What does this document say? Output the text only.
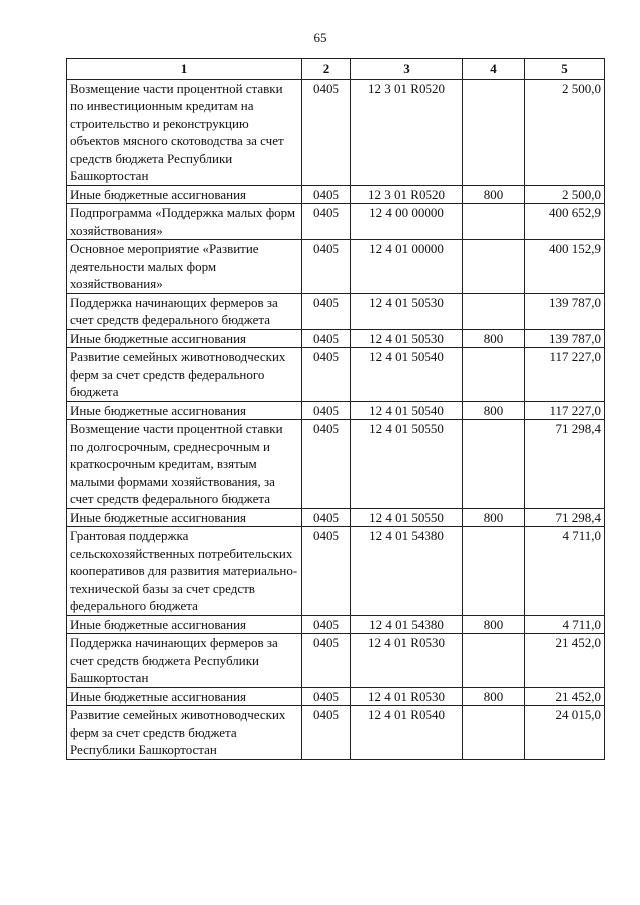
65
1	2	3	4	5
Возмещение части процентной ставки по инвестиционным кредитам на строительство и реконструкцию объектов мясного скотоводства за счет средств бюджета Республики Башкортостан	0405	12 3 01 R0520		2 500,0
Иные бюджетные ассигнования	0405	12 3 01 R0520	800	2 500,0
Подпрограмма «Поддержка малых форм хозяйствования»	0405	12 4 00 00000		400 652,9
Основное мероприятие «Развитие деятельности малых форм хозяйствования»	0405	12 4 01 00000		400 152,9
Поддержка начинающих фермеров за счет средств федерального бюджета	0405	12 4 01 50530		139 787,0
Иные бюджетные ассигнования	0405	12 4 01 50530	800	139 787,0
Развитие семейных животноводческих ферм за счет средств федерального бюджета	0405	12 4 01 50540		117 227,0
Иные бюджетные ассигнования	0405	12 4 01 50540	800	117 227,0
Возмещение части процентной ставки по долгосрочным, среднесрочным и краткосрочным кредитам, взятым малыми формами хозяйствования, за счет средств федерального бюджета	0405	12 4 01 50550		71 298,4
Иные бюджетные ассигнования	0405	12 4 01 50550	800	71 298,4
Грантовая поддержка сельскохозяйственных потребительских кооперативов для развития материально-технической базы за счет средств федерального бюджета	0405	12 4 01 54380		4 711,0
Иные бюджетные ассигнования	0405	12 4 01 54380	800	4 711,0
Поддержка начинающих фермеров за счет средств бюджета Республики Башкортостан	0405	12 4 01 R0530		21 452,0
Иные бюджетные ассигнования	0405	12 4 01 R0530	800	21 452,0
Развитие семейных животноводческих ферм за счет средств бюджета Республики Башкортостан	0405	12 4 01 R0540		24 015,0
